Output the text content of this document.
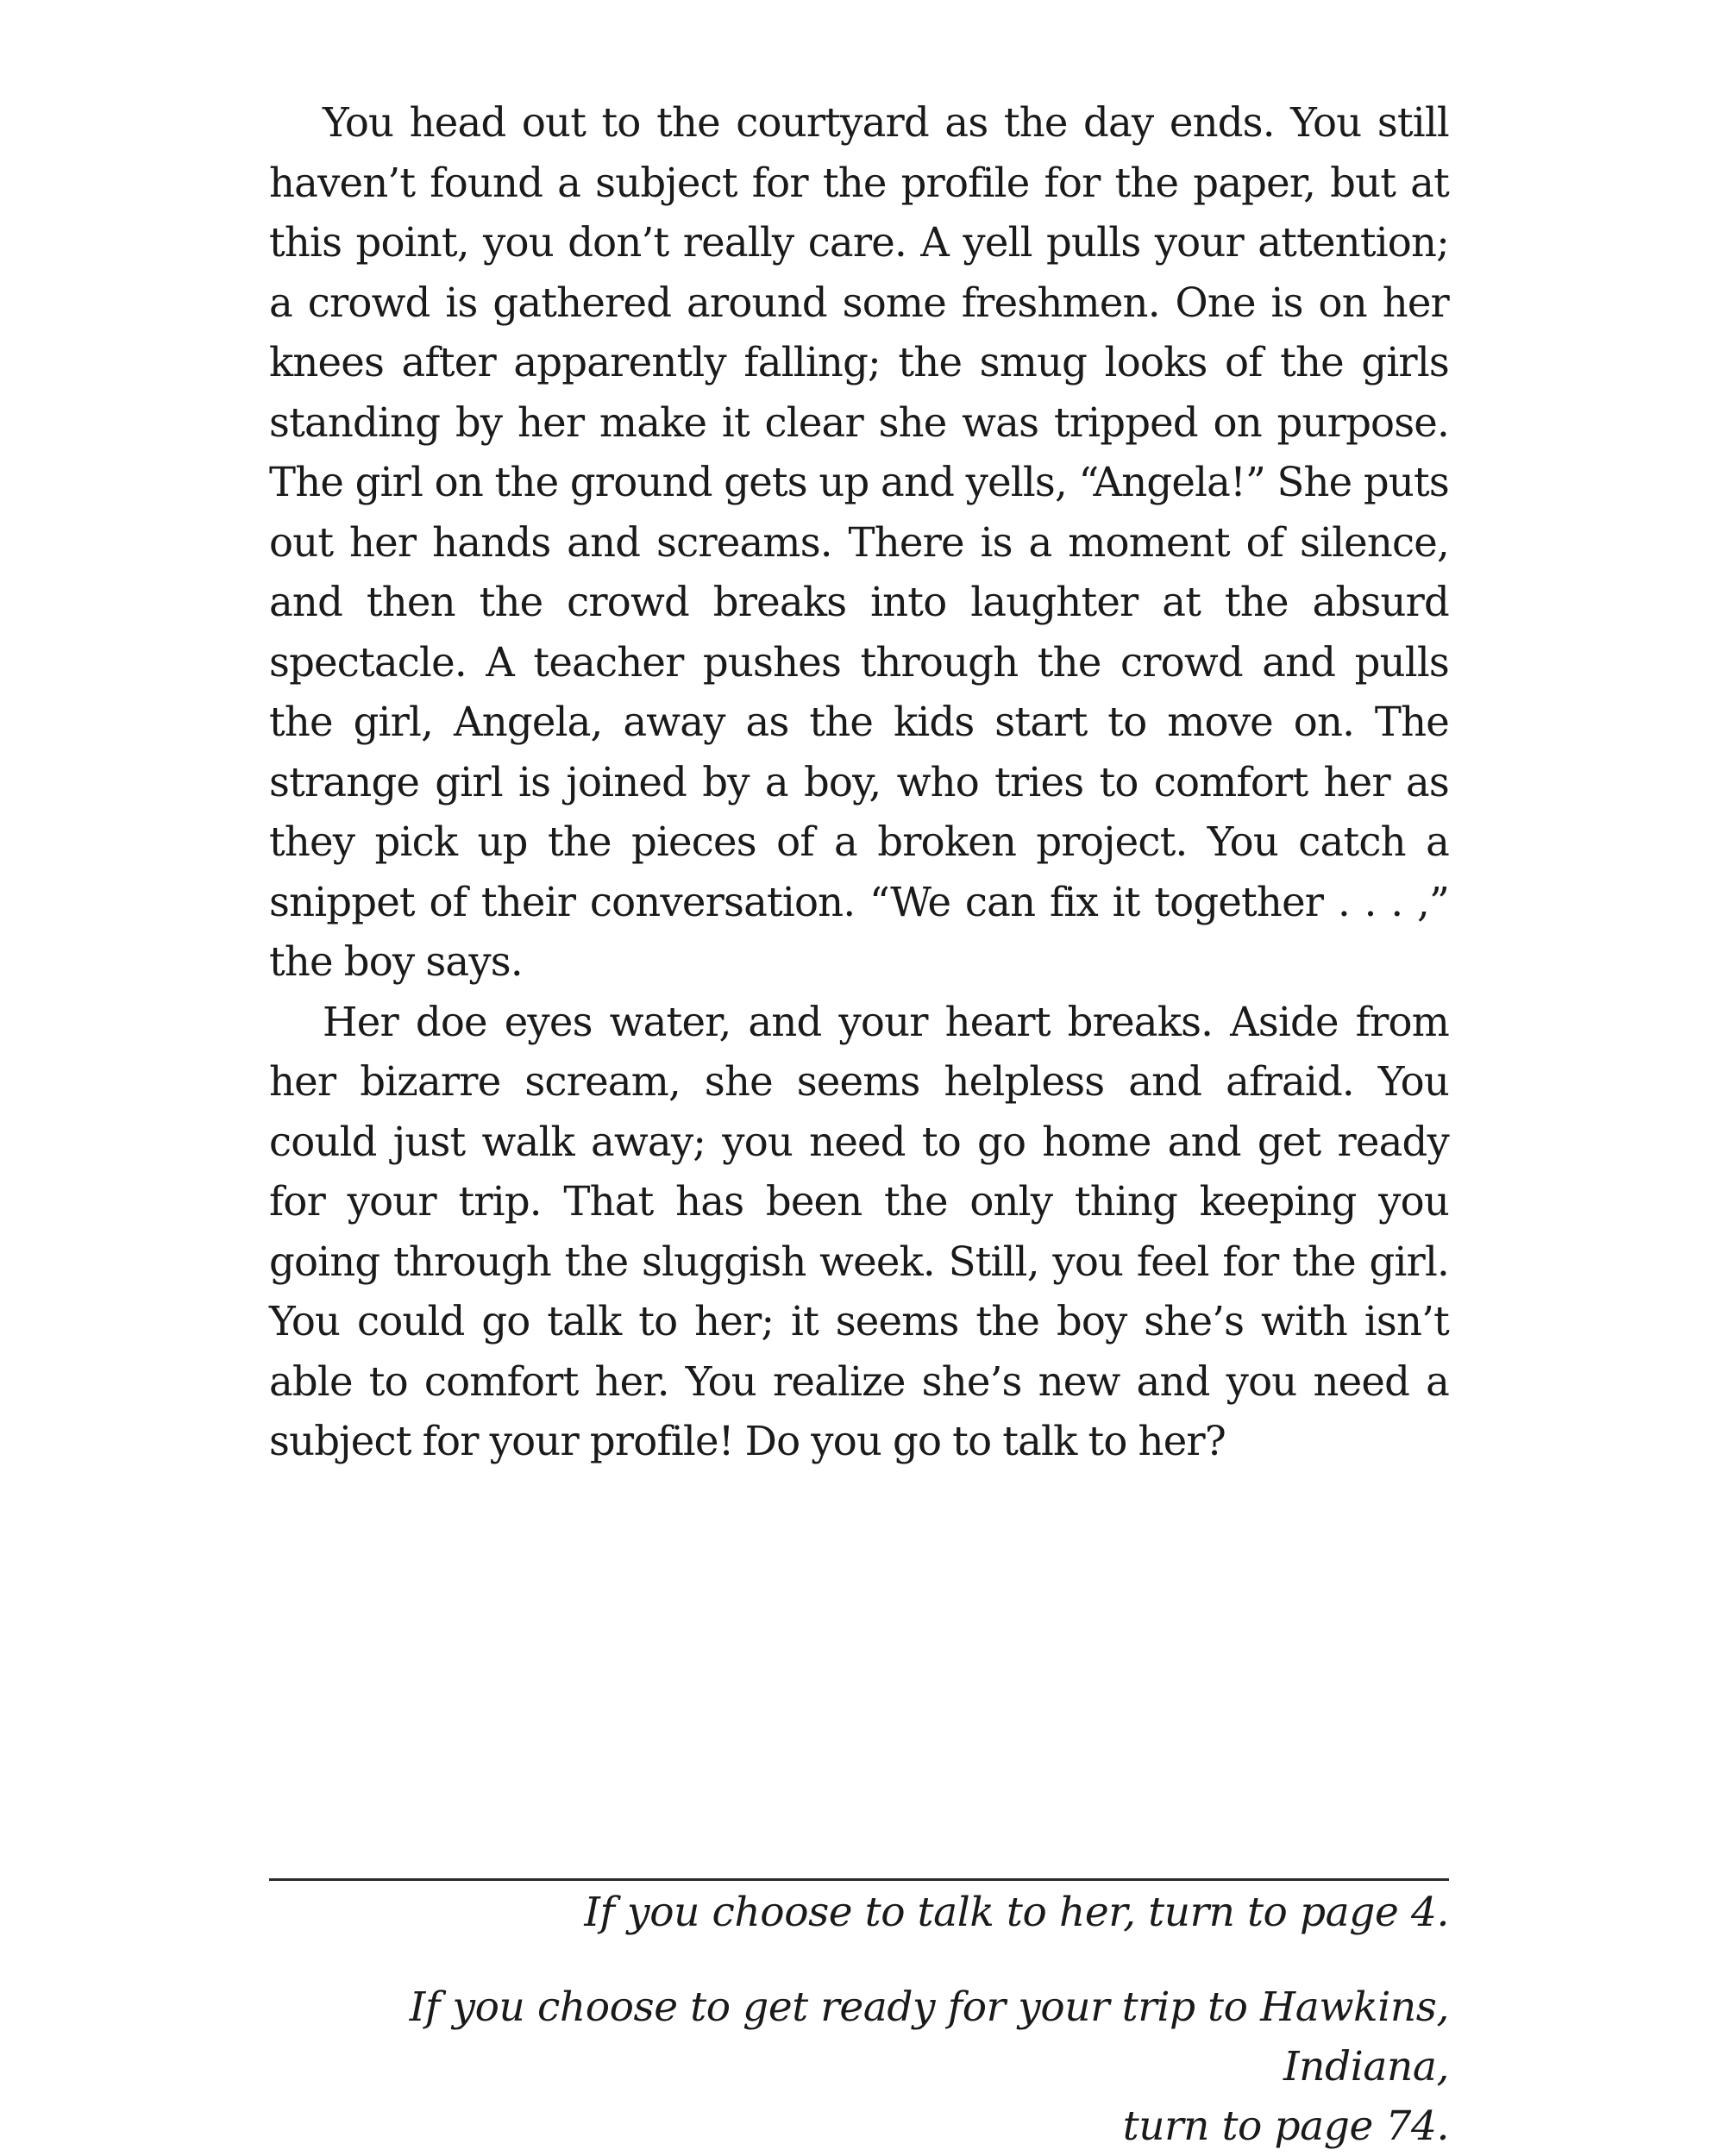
You head out to the courtyard as the day ends. You still haven’t found a subject for the profile for the paper, but at this point, you don’t really care. A yell pulls your attention; a crowd is gathered around some freshmen. One is on her knees after apparently falling; the smug looks of the girls standing by her make it clear she was tripped on purpose. The girl on the ground gets up and yells, “Angela!” She puts out her hands and screams. There is a moment of silence, and then the crowd breaks into laughter at the absurd spectacle. A teacher pushes through the crowd and pulls the girl, Angela, away as the kids start to move on. The strange girl is joined by a boy, who tries to comfort her as they pick up the pieces of a broken project. You catch a snippet of their conversation. “We can fix it together . . . ,” the boy says.

Her doe eyes water, and your heart breaks. Aside from her bizarre scream, she seems helpless and afraid. You could just walk away; you need to go home and get ready for your trip. That has been the only thing keeping you going through the sluggish week. Still, you feel for the girl. You could go talk to her; it seems the boy she’s with isn’t able to comfort her. You realize she’s new and you need a subject for your profile! Do you go to talk to her?

If you choose to talk to her, turn to page 4.

If you choose to get ready for your trip to Hawkins, Indiana,
turn to page 74.
